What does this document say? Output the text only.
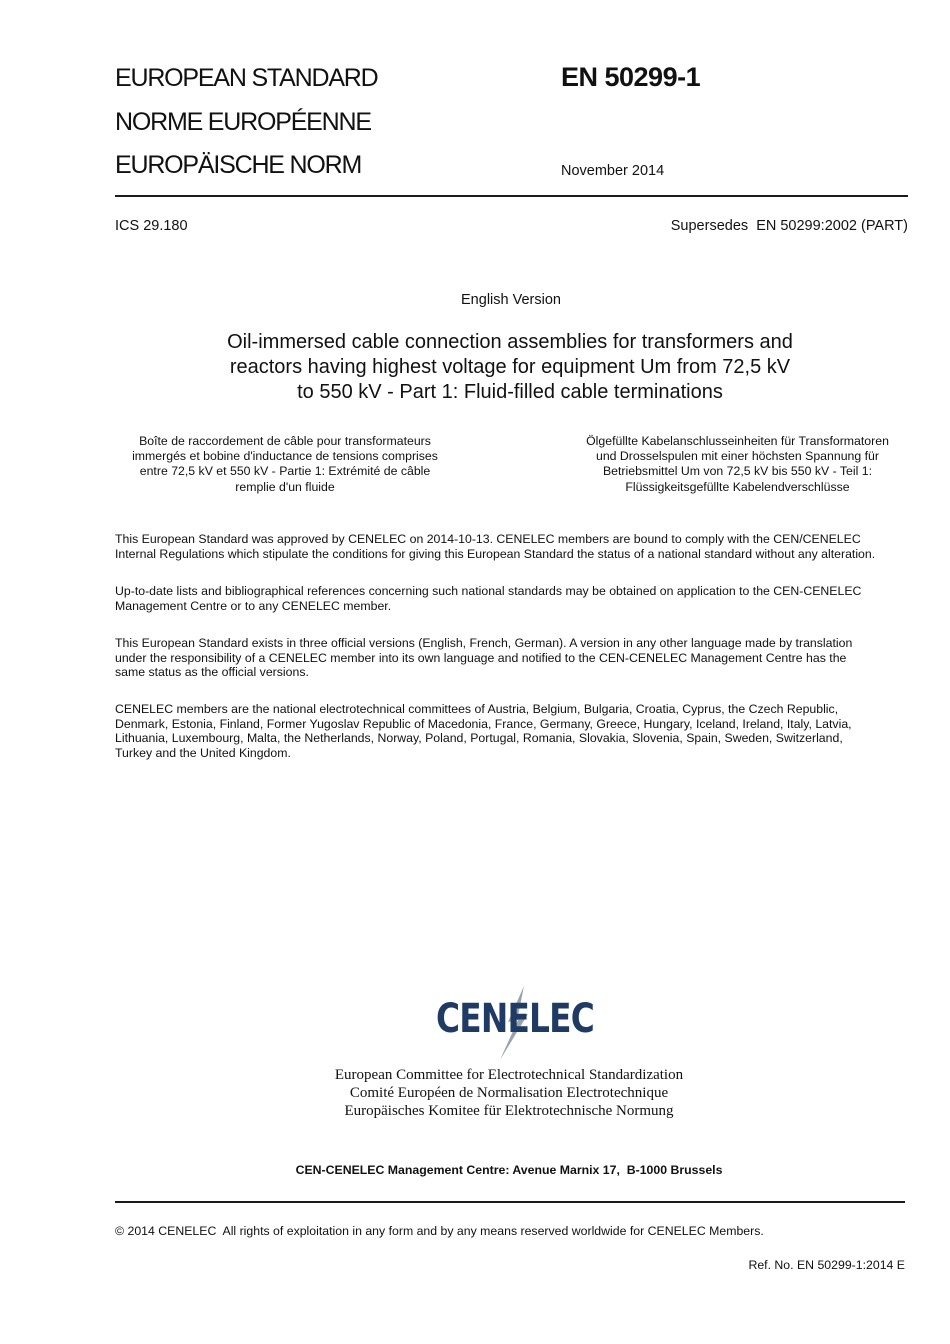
EUROPEAN STANDARD
NORME EUROPÉENNE
EUROPÄISCHE NORM
EN 50299-1
November 2014
ICS 29.180	Supersedes  EN 50299:2002 (PART)
English Version
Oil-immersed cable connection assemblies for transformers and
reactors having highest voltage for equipment Um from 72,5 kV
to 550 kV - Part 1: Fluid-filled cable terminations
Boîte de raccordement de câble pour transformateurs
immergés et bobine d'inductance de tensions comprises
entre 72,5 kV et 550 kV - Partie 1: Extrémité de câble
remplie d'un fluide
Ölgefüllte Kabelanschlusseinheiten für Transformatoren
und Drosselspulen mit einer höchsten Spannung für
Betriebsmittel Um von 72,5 kV bis 550 kV - Teil 1:
Flüssigkeitsgefüllte Kabelendverschlüsse
This European Standard was approved by CENELEC on 2014-10-13. CENELEC members are bound to comply with the CEN/CENELEC
Internal Regulations which stipulate the conditions for giving this European Standard the status of a national standard without any alteration.
Up-to-date lists and bibliographical references concerning such national standards may be obtained on application to the CEN-CENELEC
Management Centre or to any CENELEC member.
This European Standard exists in three official versions (English, French, German). A version in any other language made by translation
under the responsibility of a CENELEC member into its own language and notified to the CEN-CENELEC Management Centre has the
same status as the official versions.
CENELEC members are the national electrotechnical committees of Austria, Belgium, Bulgaria, Croatia, Cyprus, the Czech Republic,
Denmark, Estonia, Finland, Former Yugoslav Republic of Macedonia, France, Germany, Greece, Hungary, Iceland, Ireland, Italy, Latvia,
Lithuania, Luxembourg, Malta, the Netherlands, Norway, Poland, Portugal, Romania, Slovakia, Slovenia, Spain, Sweden, Switzerland,
Turkey and the United Kingdom.
CENELEC
European Committee for Electrotechnical Standardization
Comité Européen de Normalisation Electrotechnique
Europäisches Komitee für Elektrotechnische Normung
CEN-CENELEC Management Centre: Avenue Marnix 17,  B-1000 Brussels
© 2014 CENELEC  All rights of exploitation in any form and by any means reserved worldwide for CENELEC Members.
Ref. No. EN 50299-1:2014 E
